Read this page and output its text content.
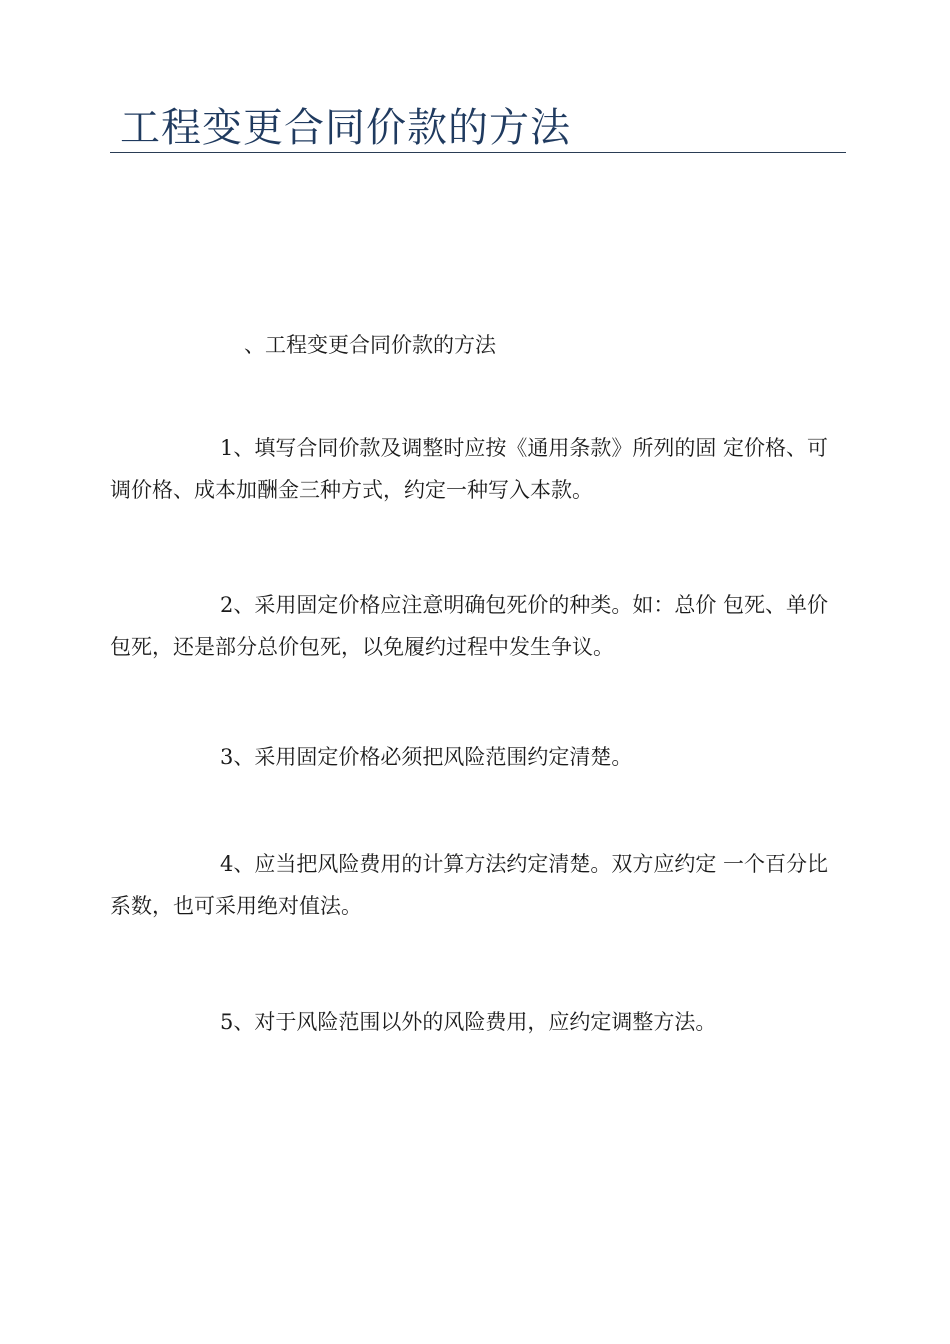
工程变更合同价款的方法
、工程变更合同价款的方法

1、填写合同价款及调整时应按《通用条款》所列的固 定价格、可调价格、成本加酬金三种方式，约定一种写入本款。

2、采用固定价格应注意明确包死价的种类。如：总价 包死、单价包死，还是部分总价包死，以免履约过程中发生争议。

3、采用固定价格必须把风险范围约定清楚。

4、应当把风险费用的计算方法约定清楚。双方应约定 一个百分比系数，也可采用绝对值法。

5、对于风险范围以外的风险费用，应约定调整方法。
